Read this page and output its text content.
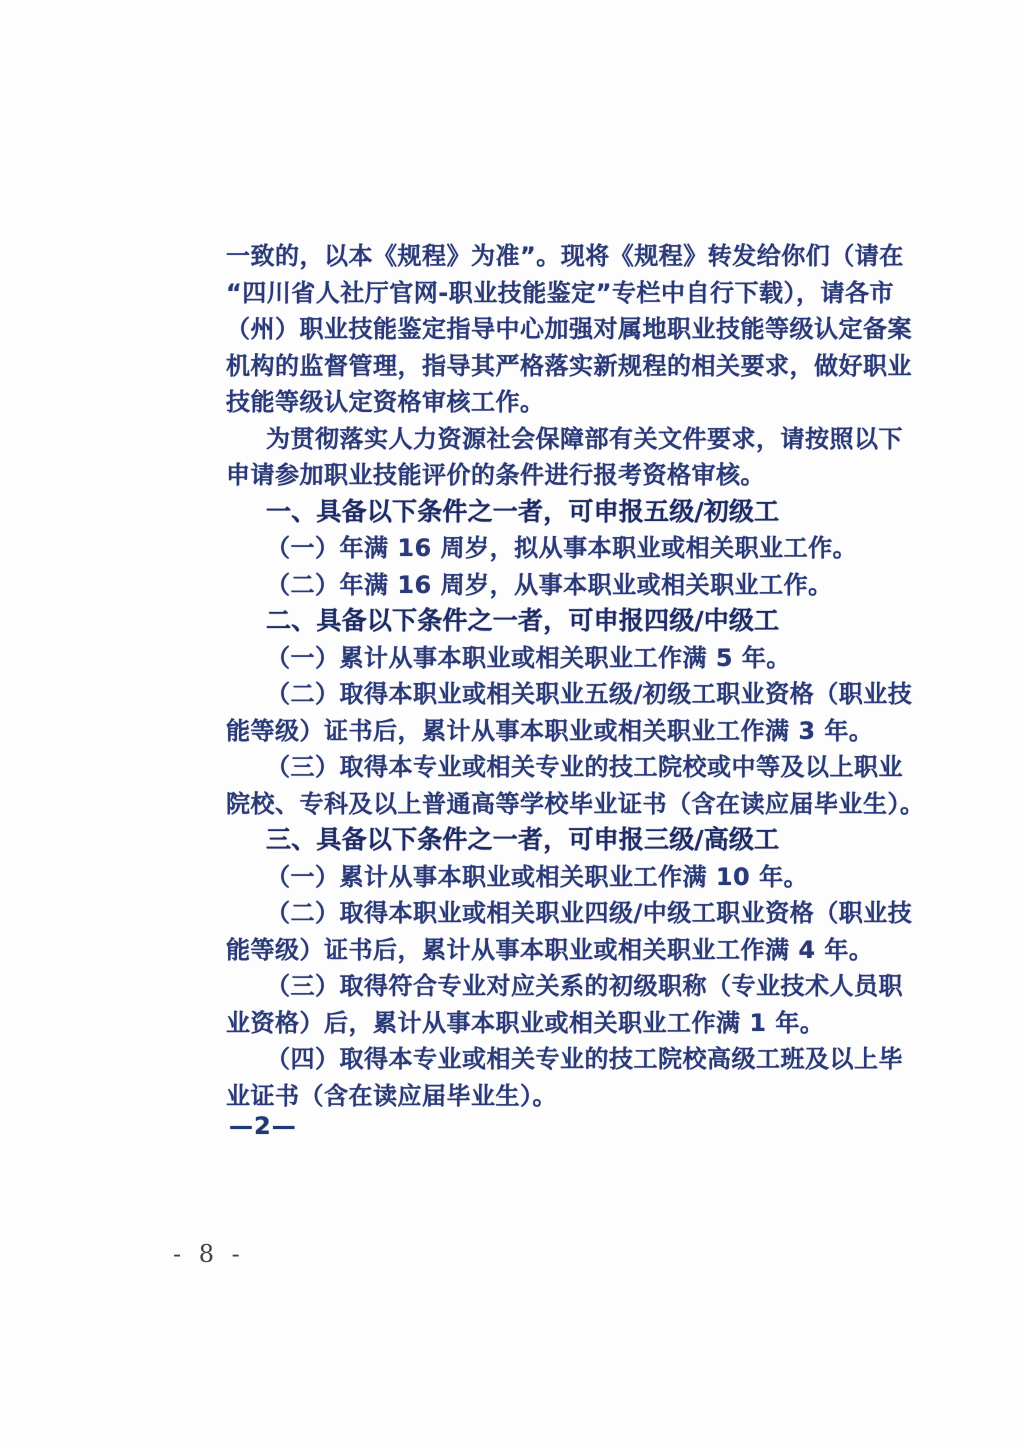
一致的，以本《规程》为准”。现将《规程》转发给你们（请在
“四川省人社厅官网-职业技能鉴定”专栏中自行下载），请各市
（州）职业技能鉴定指导中心加强对属地职业技能等级认定备案
机构的监督管理，指导其严格落实新规程的相关要求，做好职业
技能等级认定资格审核工作。
为贯彻落实人力资源社会保障部有关文件要求，请按照以下
申请参加职业技能评价的条件进行报考资格审核。
一、具备以下条件之一者，可申报五级/初级工
（一）年满 16 周岁，拟从事本职业或相关职业工作。
（二）年满 16 周岁，从事本职业或相关职业工作。
二、具备以下条件之一者，可申报四级/中级工
（一）累计从事本职业或相关职业工作满 5 年。
（二）取得本职业或相关职业五级/初级工职业资格（职业技
能等级）证书后，累计从事本职业或相关职业工作满 3 年。
（三）取得本专业或相关专业的技工院校或中等及以上职业
院校、专科及以上普通高等学校毕业证书（含在读应届毕业生）。
三、具备以下条件之一者，可申报三级/高级工
（一）累计从事本职业或相关职业工作满 10 年。
（二）取得本职业或相关职业四级/中级工职业资格（职业技
能等级）证书后，累计从事本职业或相关职业工作满 4 年。
（三）取得符合专业对应关系的初级职称（专业技术人员职
业资格）后，累计从事本职业或相关职业工作满 1 年。
（四）取得本专业或相关专业的技工院校高级工班及以上毕
业证书（含在读应届毕业生）。
—2—
- 8 -
